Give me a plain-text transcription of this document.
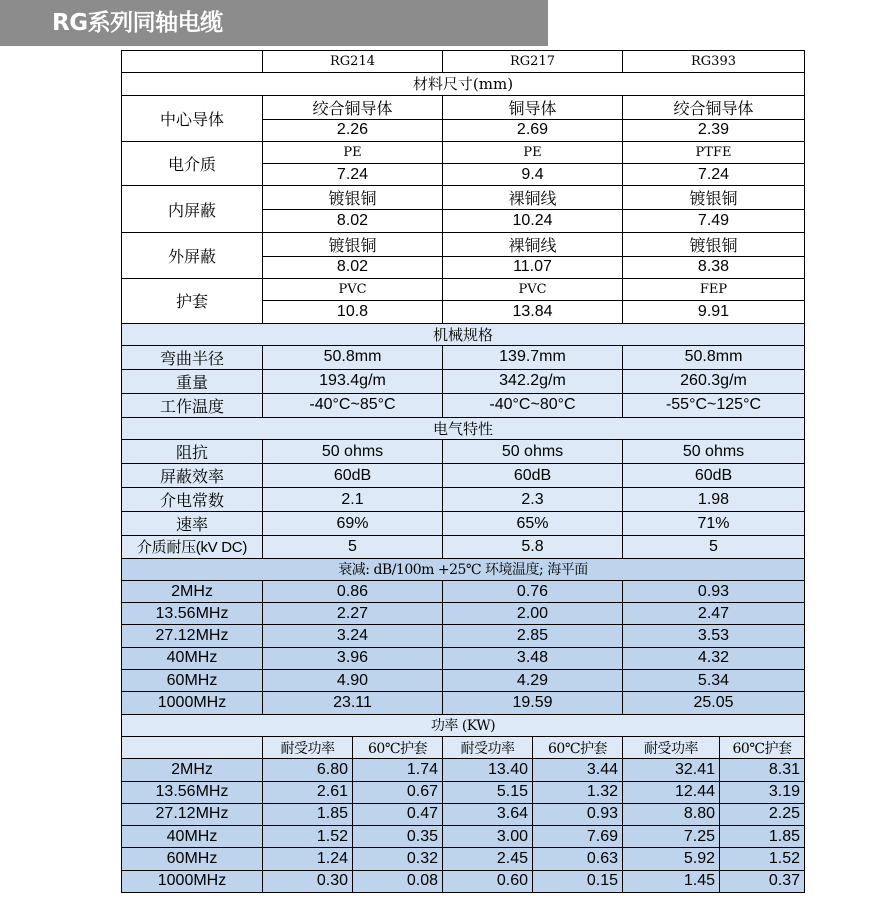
RG系列同轴电缆
	RG214		RG217		RG393	
材料尺寸(mm)						
中心导体	绞合铜导体		铜导体		绞合铜导体	
	2.26		2.69		2.39	
电介质	PE		PE		PTFE	
	7.24		9.4		7.24	
内屏蔽	镀银铜		裸铜线		镀银铜	
	8.02		10.24		7.49	
外屏蔽	镀银铜		裸铜线		镀银铜	
	8.02		11.07		8.38	
护套	PVC		PVC		FEP	
	10.8		13.84		9.91	
机械规格						
弯曲半径	50.8mm		139.7mm		50.8mm	
重量	193.4g/m		342.2g/m		260.3g/m	
工作温度	-40°C~85°C		-40°C~80°C		-55°C~125°C	
电气特性						
阻抗	50 ohms		50 ohms		50 ohms	
屏蔽效率	60dB		60dB		60dB	
介电常数	2.1		2.3		1.98	
速率	69%		65%		71%	
介质耐压(kV DC)	5		5.8		5	
衰减: dB/100m +25℃ 环境温度; 海平面						
2MHz	0.86		0.76		0.93	
13.56MHz	2.27		2.00		2.47	
27.12MHz	3.24		2.85		3.53	
40MHz	3.96		3.48		4.32	
60MHz	4.90		4.29		5.34	
1000MHz	23.11		19.59		25.05	
功率 (KW)						
	耐受功率	60℃护套	耐受功率	60℃护套	耐受功率	60℃护套
2MHz	6.80	1.74	13.40	3.44	32.41	8.31
13.56MHz	2.61	0.67	5.15	1.32	12.44	3.19
27.12MHz	1.85	0.47	3.64	0.93	8.80	2.25
40MHz	1.52	0.35	3.00	7.69	7.25	1.85
60MHz	1.24	0.32	2.45	0.63	5.92	1.52
1000MHz	0.30	0.08	0.60	0.15	1.45	0.37
